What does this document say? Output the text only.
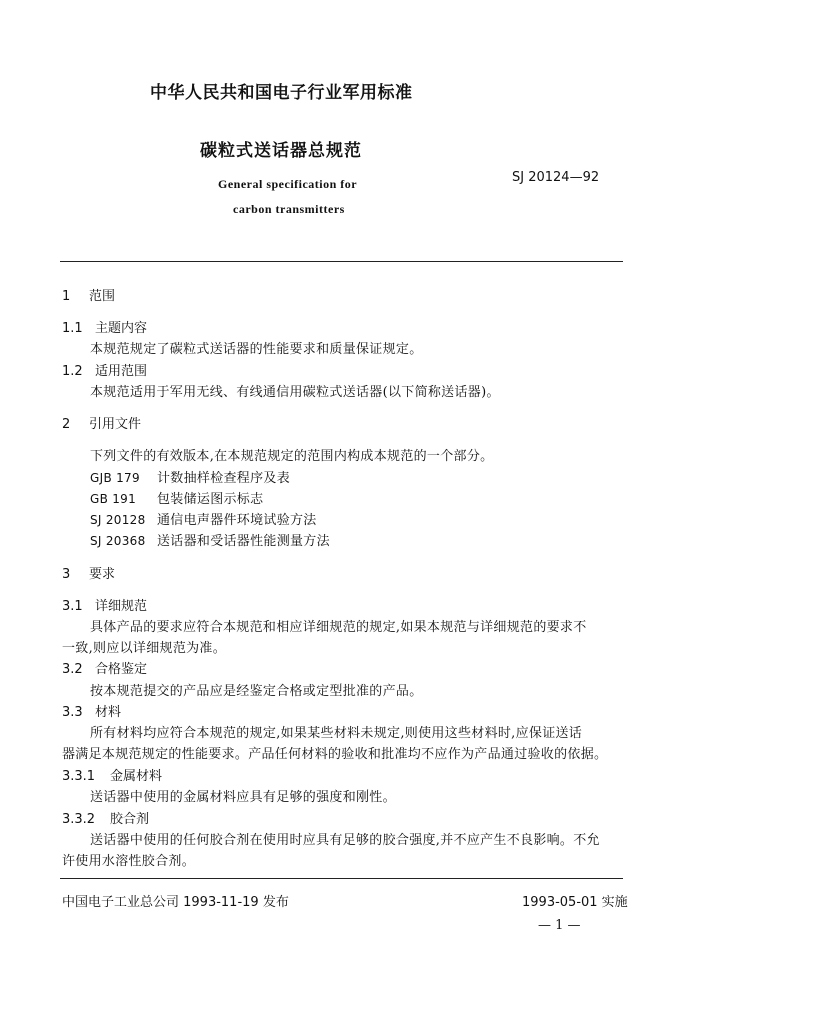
中华人民共和国电子行业军用标准
碳粒式送话器总规范
General specification for
carbon transmitters
SJ 20124—92
1 范围
1.1 主题内容
本规范规定了碳粒式送话器的性能要求和质量保证规定。
1.2 适用范围
本规范适用于军用无线、有线通信用碳粒式送话器(以下简称送话器)。
2 引用文件
下列文件的有效版本,在本规范规定的范围内构成本规范的一个部分。
GJB 179 计数抽样检查程序及表
GB 191 包装储运图示标志
SJ 20128 通信电声器件环境试验方法
SJ 20368 送话器和受话器性能测量方法
3 要求
3.1 详细规范
具体产品的要求应符合本规范和相应详细规范的规定,如果本规范与详细规范的要求不
一致,则应以详细规范为准。
3.2 合格鉴定
按本规范提交的产品应是经鉴定合格或定型批准的产品。
3.3 材料
所有材料均应符合本规范的规定,如果某些材料未规定,则使用这些材料时,应保证送话
器满足本规范规定的性能要求。产品任何材料的验收和批准均不应作为产品通过验收的依据。
3.3.1 金属材料
送话器中使用的金属材料应具有足够的强度和刚性。
3.3.2 胶合剂
送话器中使用的任何胶合剂在使用时应具有足够的胶合强度,并不应产生不良影响。不允
许使用水溶性胶合剂。
中国电子工业总公司 1993-11-19 发布	1993-05-01 实施
— 1 —
